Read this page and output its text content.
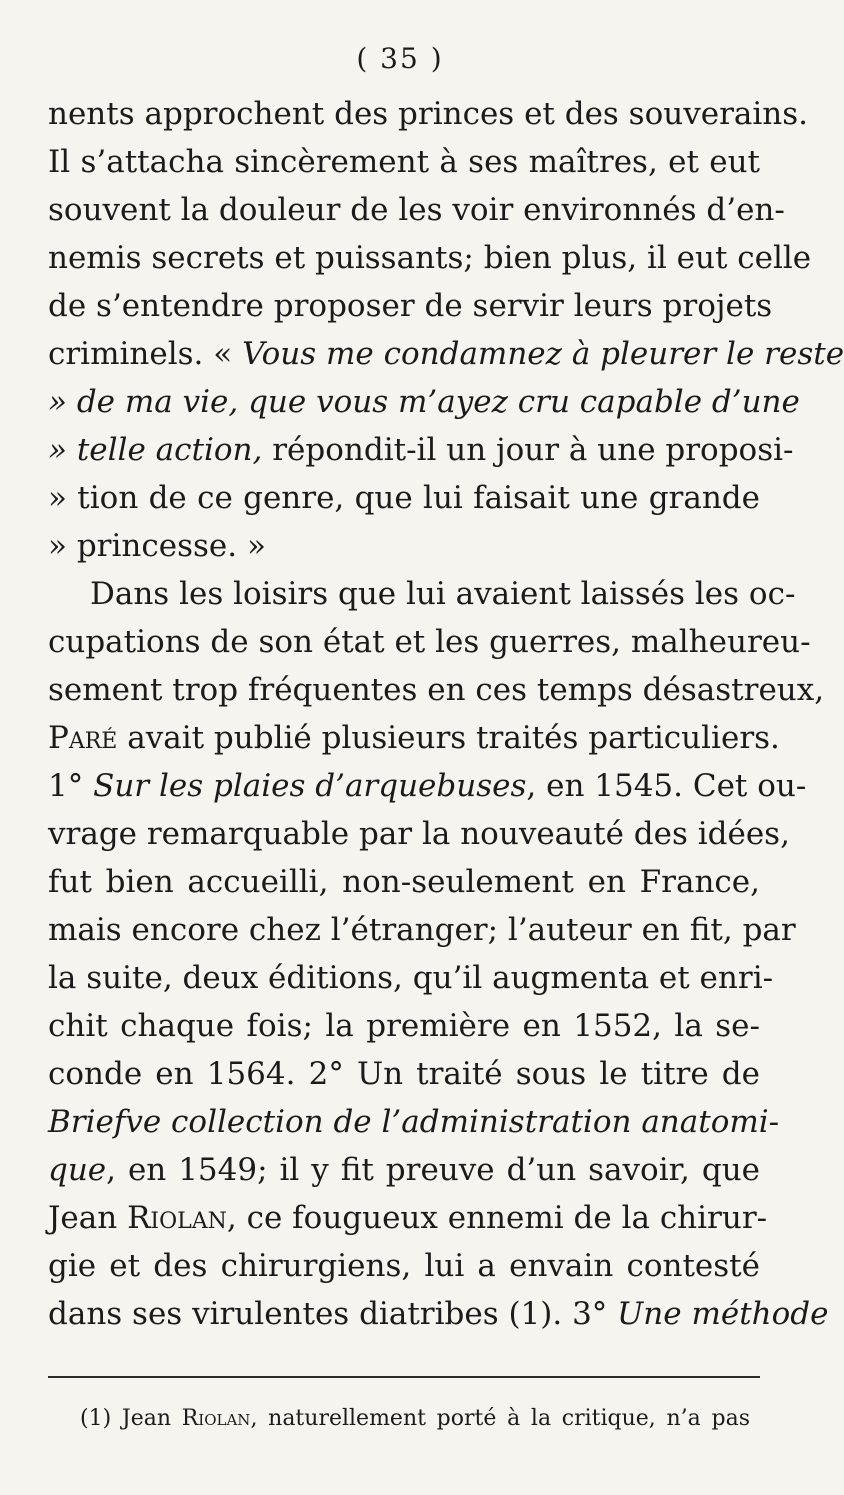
( 35 )
nents approchent des princes et des souverains.
Il s’attacha sincèrement à ses maîtres, et eut
souvent la douleur de les voir environnés d’en-
nemis secrets et puissants; bien plus, il eut celle
de s’entendre proposer de servir leurs projets
criminels. « Vous me condamnez à pleurer le reste
» de ma vie, que vous m’ayez cru capable d’une
» telle action, répondit-il un jour à une proposi-
» tion de ce genre, que lui faisait une grande
» princesse. »
Dans les loisirs que lui avaient laissés les oc-
cupations de son état et les guerres, malheureu-
sement trop fréquentes en ces temps désastreux,
Paré avait publié plusieurs traités particuliers.
1° Sur les plaies d’arquebuses, en 1545. Cet ou-
vrage remarquable par la nouveauté des idées,
fut bien accueilli, non-seulement en France,
mais encore chez l’étranger; l’auteur en fit, par
la suite, deux éditions, qu’il augmenta et enri-
chit chaque fois; la première en 1552, la se-
conde en 1564. 2° Un traité sous le titre de
Briefve collection de l’administration anatomi-
que, en 1549; il y fit preuve d’un savoir, que
Jean Riolan, ce fougueux ennemi de la chirur-
gie et des chirurgiens, lui a envain contesté
dans ses virulentes diatribes (1). 3° Une méthode
(1) Jean Riolan, naturellement porté à la critique, n’a pas
